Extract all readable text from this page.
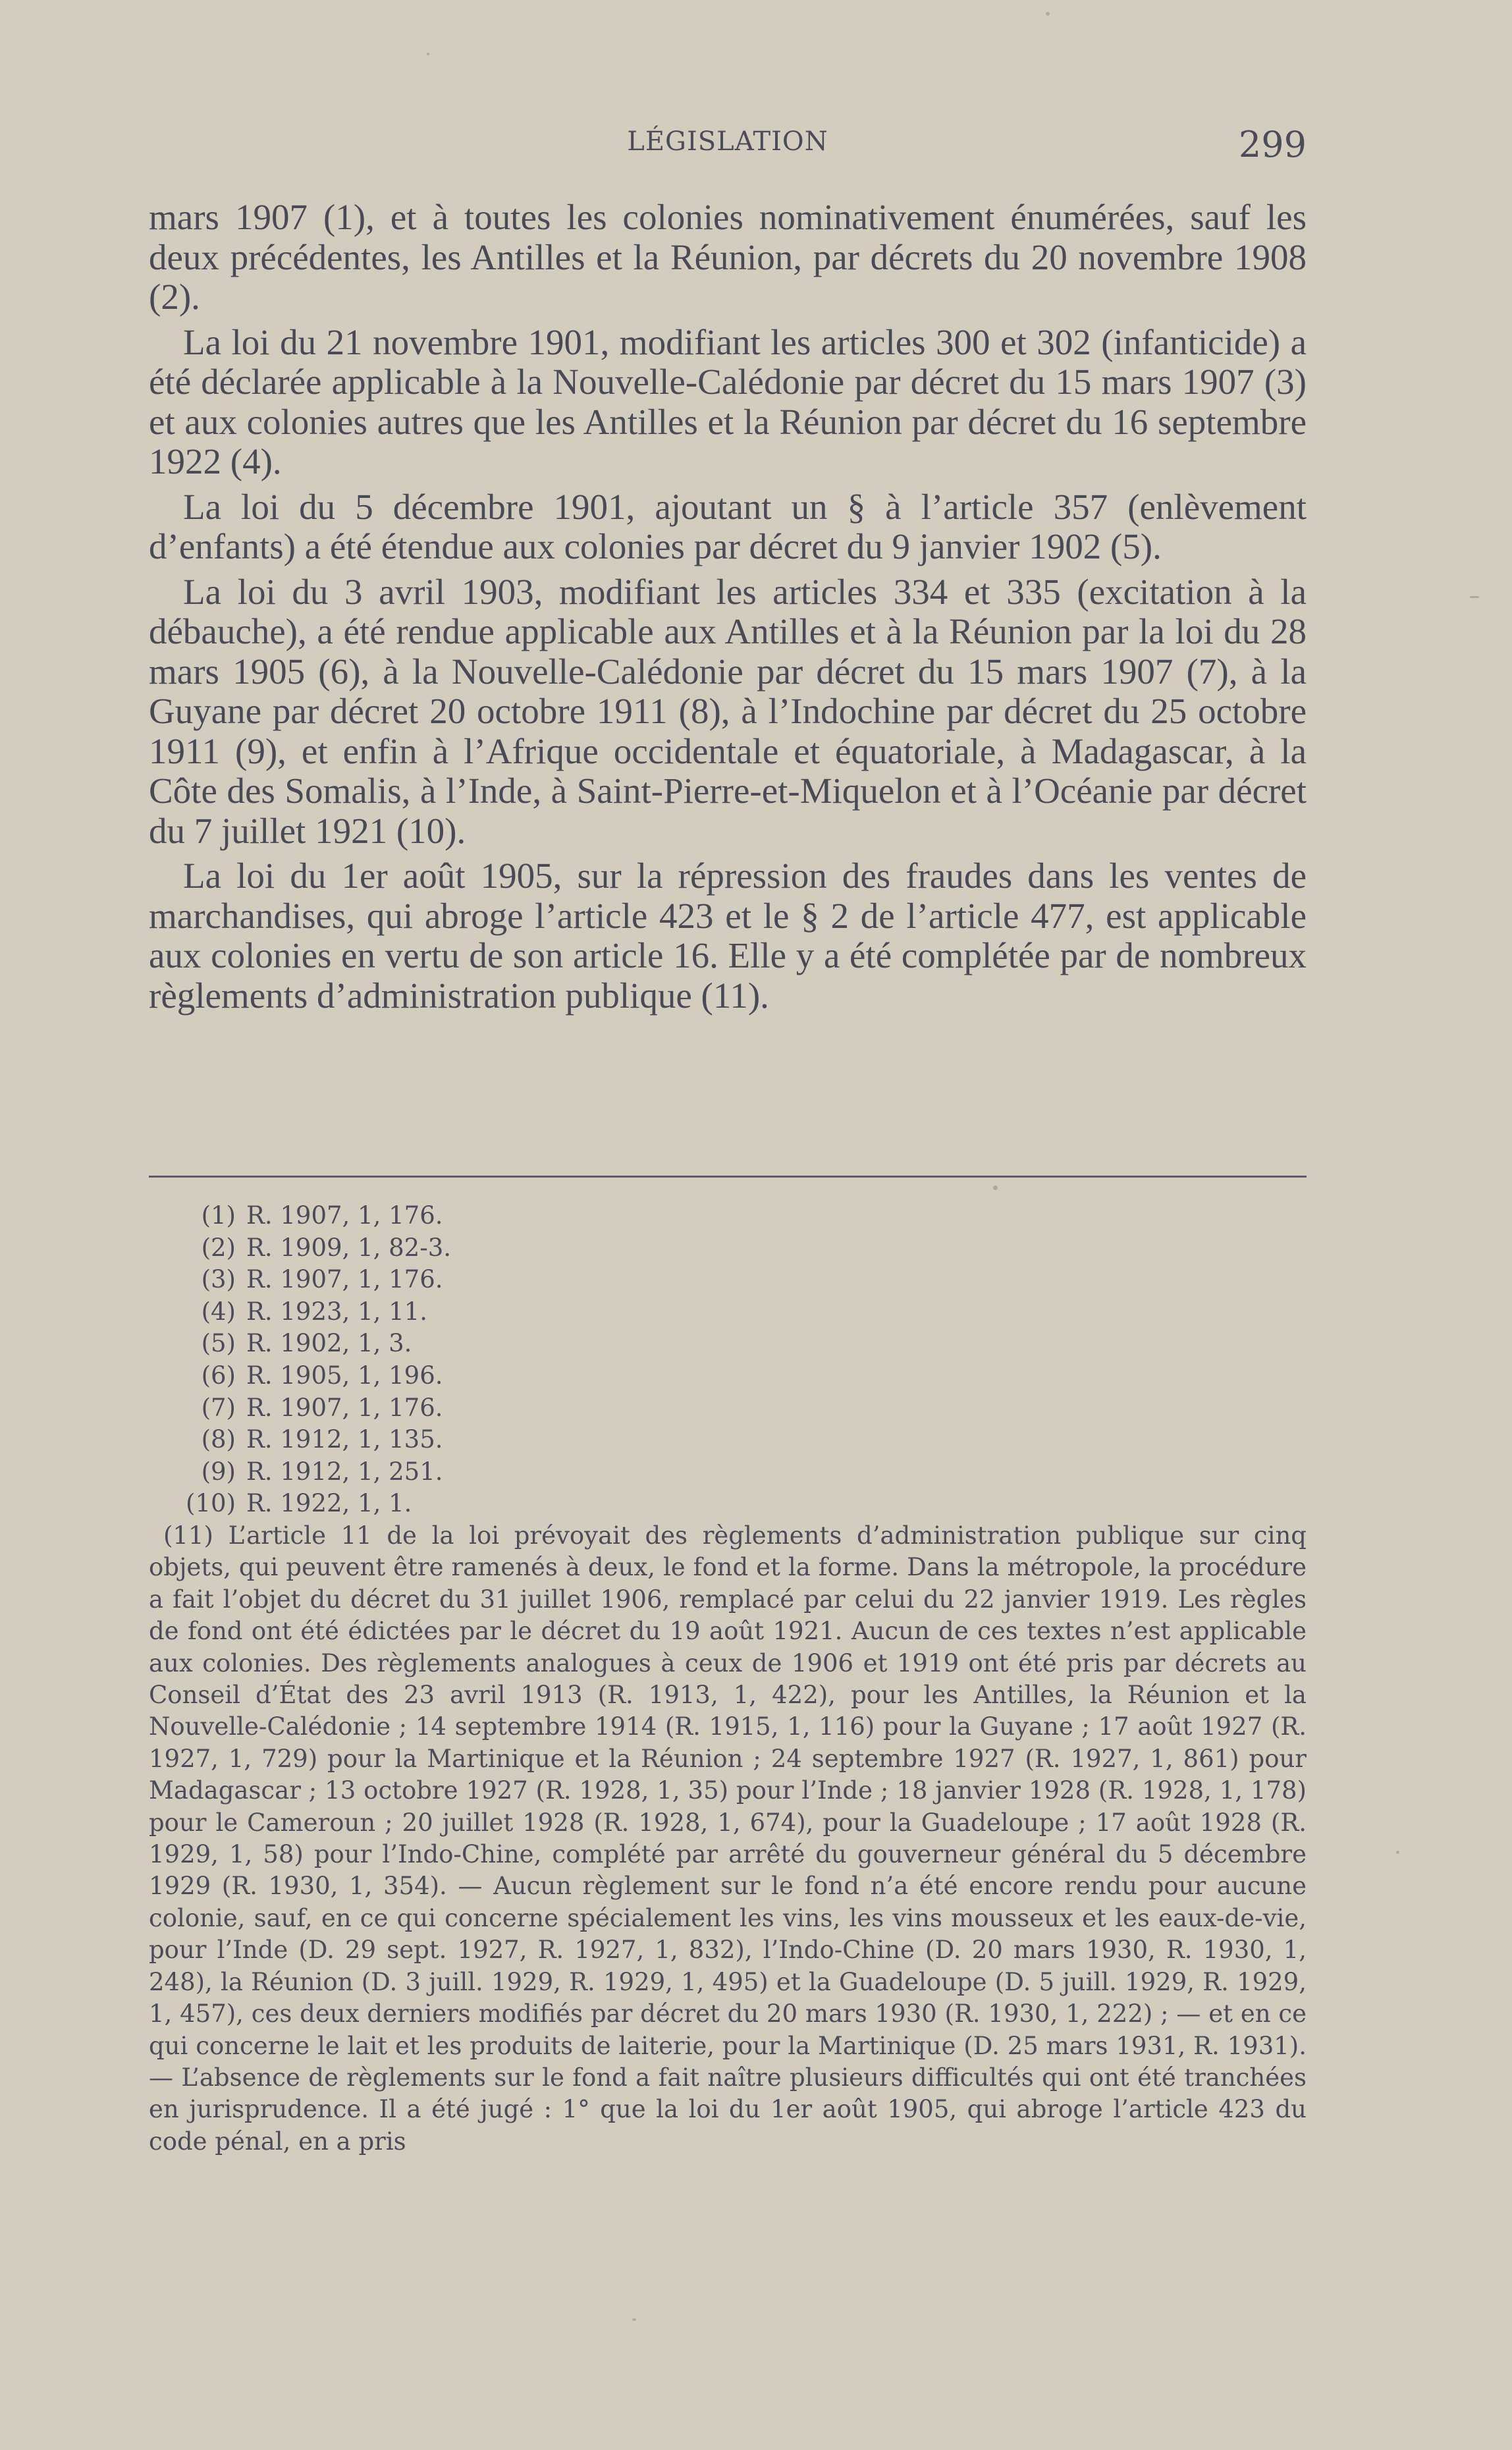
LÉGISLATION	299

mars 1907 (1), et à toutes les colonies nominativement énumérées, sauf les deux précédentes, les Antilles et la Réunion, par décrets du 20 novembre 1908 (2).

La loi du 21 novembre 1901, modifiant les articles 300 et 302 (infanticide) a été déclarée applicable à la Nouvelle-Calédonie par décret du 15 mars 1907 (3) et aux colonies autres que les Antilles et la Réunion par décret du 16 septembre 1922 (4).

La loi du 5 décembre 1901, ajoutant un § à l’article 357 (enlèvement d’enfants) a été étendue aux colonies par décret du 9 janvier 1902 (5).

La loi du 3 avril 1903, modifiant les articles 334 et 335 (excitation à la débauche), a été rendue applicable aux Antilles et à la Réunion par la loi du 28 mars 1905 (6), à la Nouvelle-Calédonie par décret du 15 mars 1907 (7), à la Guyane par décret 20 octobre 1911 (8), à l’Indochine par décret du 25 octobre 1911 (9), et enfin à l’Afrique occidentale et équatoriale, à Madagascar, à la Côte des Somalis, à l’Inde, à Saint-Pierre-et-Miquelon et à l’Océanie par décret du 7 juillet 1921 (10).

La loi du 1er août 1905, sur la répression des fraudes dans les ventes de marchandises, qui abroge l’article 423 et le § 2 de l’article 477, est applicable aux colonies en vertu de son article 16. Elle y a été complétée par de nombreux règlements d’administration publique (11).

(1) R. 1907, 1, 176.
(2) R. 1909, 1, 82-3.
(3) R. 1907, 1, 176.
(4) R. 1923, 1, 11.
(5) R. 1902, 1, 3.
(6) R. 1905, 1, 196.
(7) R. 1907, 1, 176.
(8) R. 1912, 1, 135.
(9) R. 1912, 1, 251.
(10) R. 1922, 1, 1.
(11) L’article 11 de la loi prévoyait des règlements d’administration publique sur cinq objets, qui peuvent être ramenés à deux, le fond et la forme. Dans la métropole, la procédure a fait l’objet du décret du 31 juillet 1906, remplacé par celui du 22 janvier 1919. Les règles de fond ont été édictées par le décret du 19 août 1921. Aucun de ces textes n’est applicable aux colonies. Des règlements analogues à ceux de 1906 et 1919 ont été pris par décrets au Conseil d’État des 23 avril 1913 (R. 1913, 1, 422), pour les Antilles, la Réunion et la Nouvelle-Calédonie ; 14 septembre 1914 (R. 1915, 1, 116) pour la Guyane ; 17 août 1927 (R. 1927, 1, 729) pour la Martinique et la Réunion ; 24 septembre 1927 (R. 1927, 1, 861) pour Madagascar ; 13 octobre 1927 (R. 1928, 1, 35) pour l’Inde ; 18 janvier 1928 (R. 1928, 1, 178) pour le Cameroun ; 20 juillet 1928 (R. 1928, 1, 674), pour la Guadeloupe ; 17 août 1928 (R. 1929, 1, 58) pour l’Indo-Chine, complété par arrêté du gouverneur général du 5 décembre 1929 (R. 1930, 1, 354). — Aucun règlement sur le fond n’a été encore rendu pour aucune colonie, sauf, en ce qui concerne spécialement les vins, les vins mousseux et les eaux-de-vie, pour l’Inde (D. 29 sept. 1927, R. 1927, 1, 832), l’Indo-Chine (D. 20 mars 1930, R. 1930, 1, 248), la Réunion (D. 3 juill. 1929, R. 1929, 1, 495) et la Guadeloupe (D. 5 juill. 1929, R. 1929, 1, 457), ces deux derniers modifiés par décret du 20 mars 1930 (R. 1930, 1, 222) ; — et en ce qui concerne le lait et les produits de laiterie, pour la Martinique (D. 25 mars 1931, R. 1931). — L’absence de règlements sur le fond a fait naître plusieurs difficultés qui ont été tranchées en jurisprudence. Il a été jugé : 1° que la loi du 1er août 1905, qui abroge l’article 423 du code pénal, en a pris
